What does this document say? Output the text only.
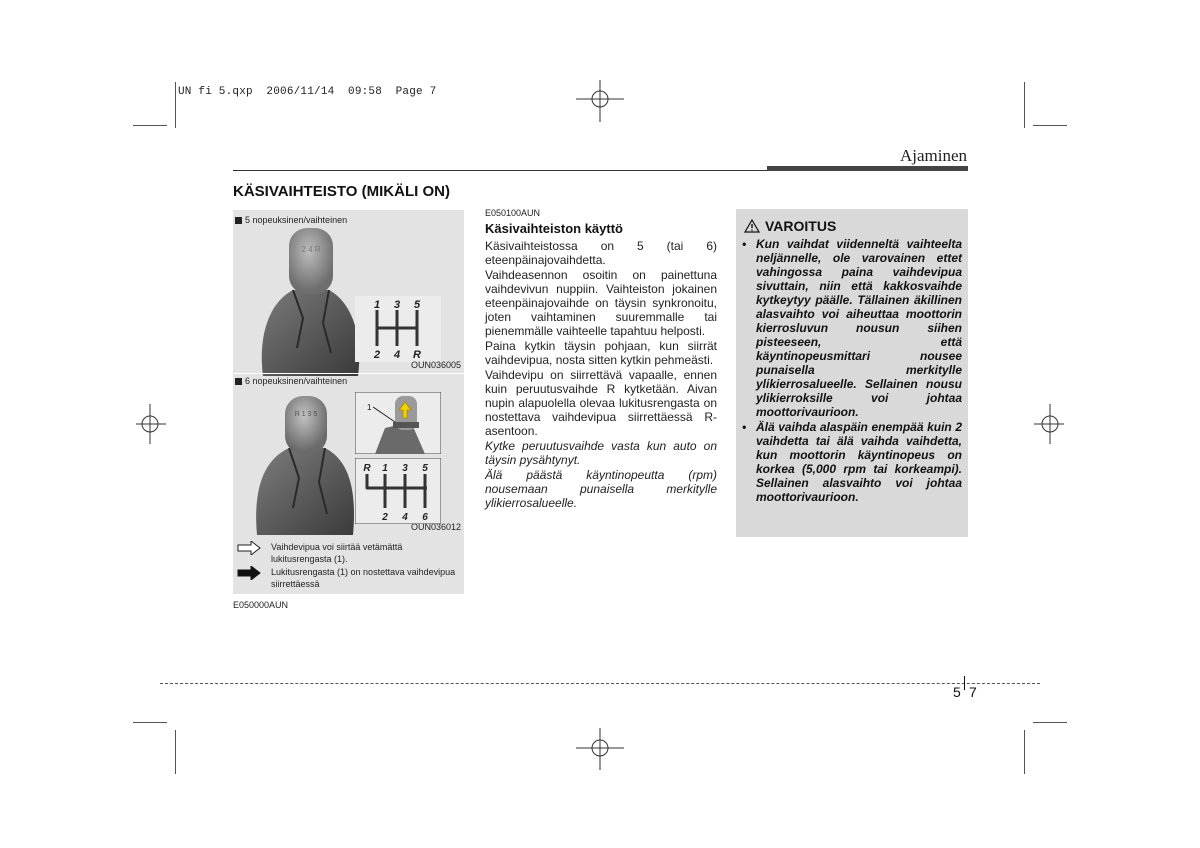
UN fi 5.qxp  2006/11/14  09:58  Page 7
Ajaminen
KÄSIVAIHTEISTO (MIKÄLI ON)
5 nopeuksinen/vaihteinen
2 4 R
1 3 5
2 4 R
OUN036005
6 nopeuksinen/vaihteinen
R 1 3 5
1
R 1 3 5
2 4 6
OUN036012
Vaihdevipua voi siirtää vetämättä lukitusrengasta (1).
Lukitusrengasta (1) on nostettava vaihdevipua siirrettäessä
E050000AUN
E050100AUN
Käsivaihteiston käyttö

Käsivaihteistossa on 5 (tai 6) eteenpäinajovaihdetta.

Vaihdeasennon osoitin on painettuna vaihdevivun nuppiin. Vaihteiston jokainen eteenpäinajovaihde on täysin synkronoitu, joten vaihtaminen suuremmalle tai pienemmälle vaihteelle tapahtuu helposti.

Paina kytkin täysin pohjaan, kun siirrät vaihdevipua, nosta sitten kytkin pehmeästi.

Vaihdevipu on siirrettävä vapaalle, ennen kuin peruutusvaihde R kytketään. Aivan nupin alapuolella olevaa lukitusrengasta on nostettava vaihdevipua siirrettäessä R-asentoon.

Kytke peruutusvaihde vasta kun auto on täysin pysähtynyt.

Älä päästä käyntinopeutta (rpm) nousemaan punaisella merkitylle ylikierrosalueelle.

VAROITUS
• Kun vaihdat viidenneltä vaihteelta neljännelle, ole varovainen ettet vahingossa paina vaihdevipua sivuttain, niin että kakkosvaihde kytkeytyy päälle. Tällainen äkillinen alasvaihto voi aiheuttaa moottorin kierrosluvun nousun siihen pisteeseen, että käyntinopeusmittari nousee punaisella merkitylle ylikierrosalueelle. Sellainen nousu ylikierroksille voi johtaa moottorivaurioon.
• Älä vaihda alaspäin enempää kuin 2 vaihdetta tai älä vaihda vaihdetta, kun moottorin käyntinopeus on korkea (5,000 rpm tai korkeampi). Sellainen alasvaihto voi johtaa moottorivaurioon.
5 7
